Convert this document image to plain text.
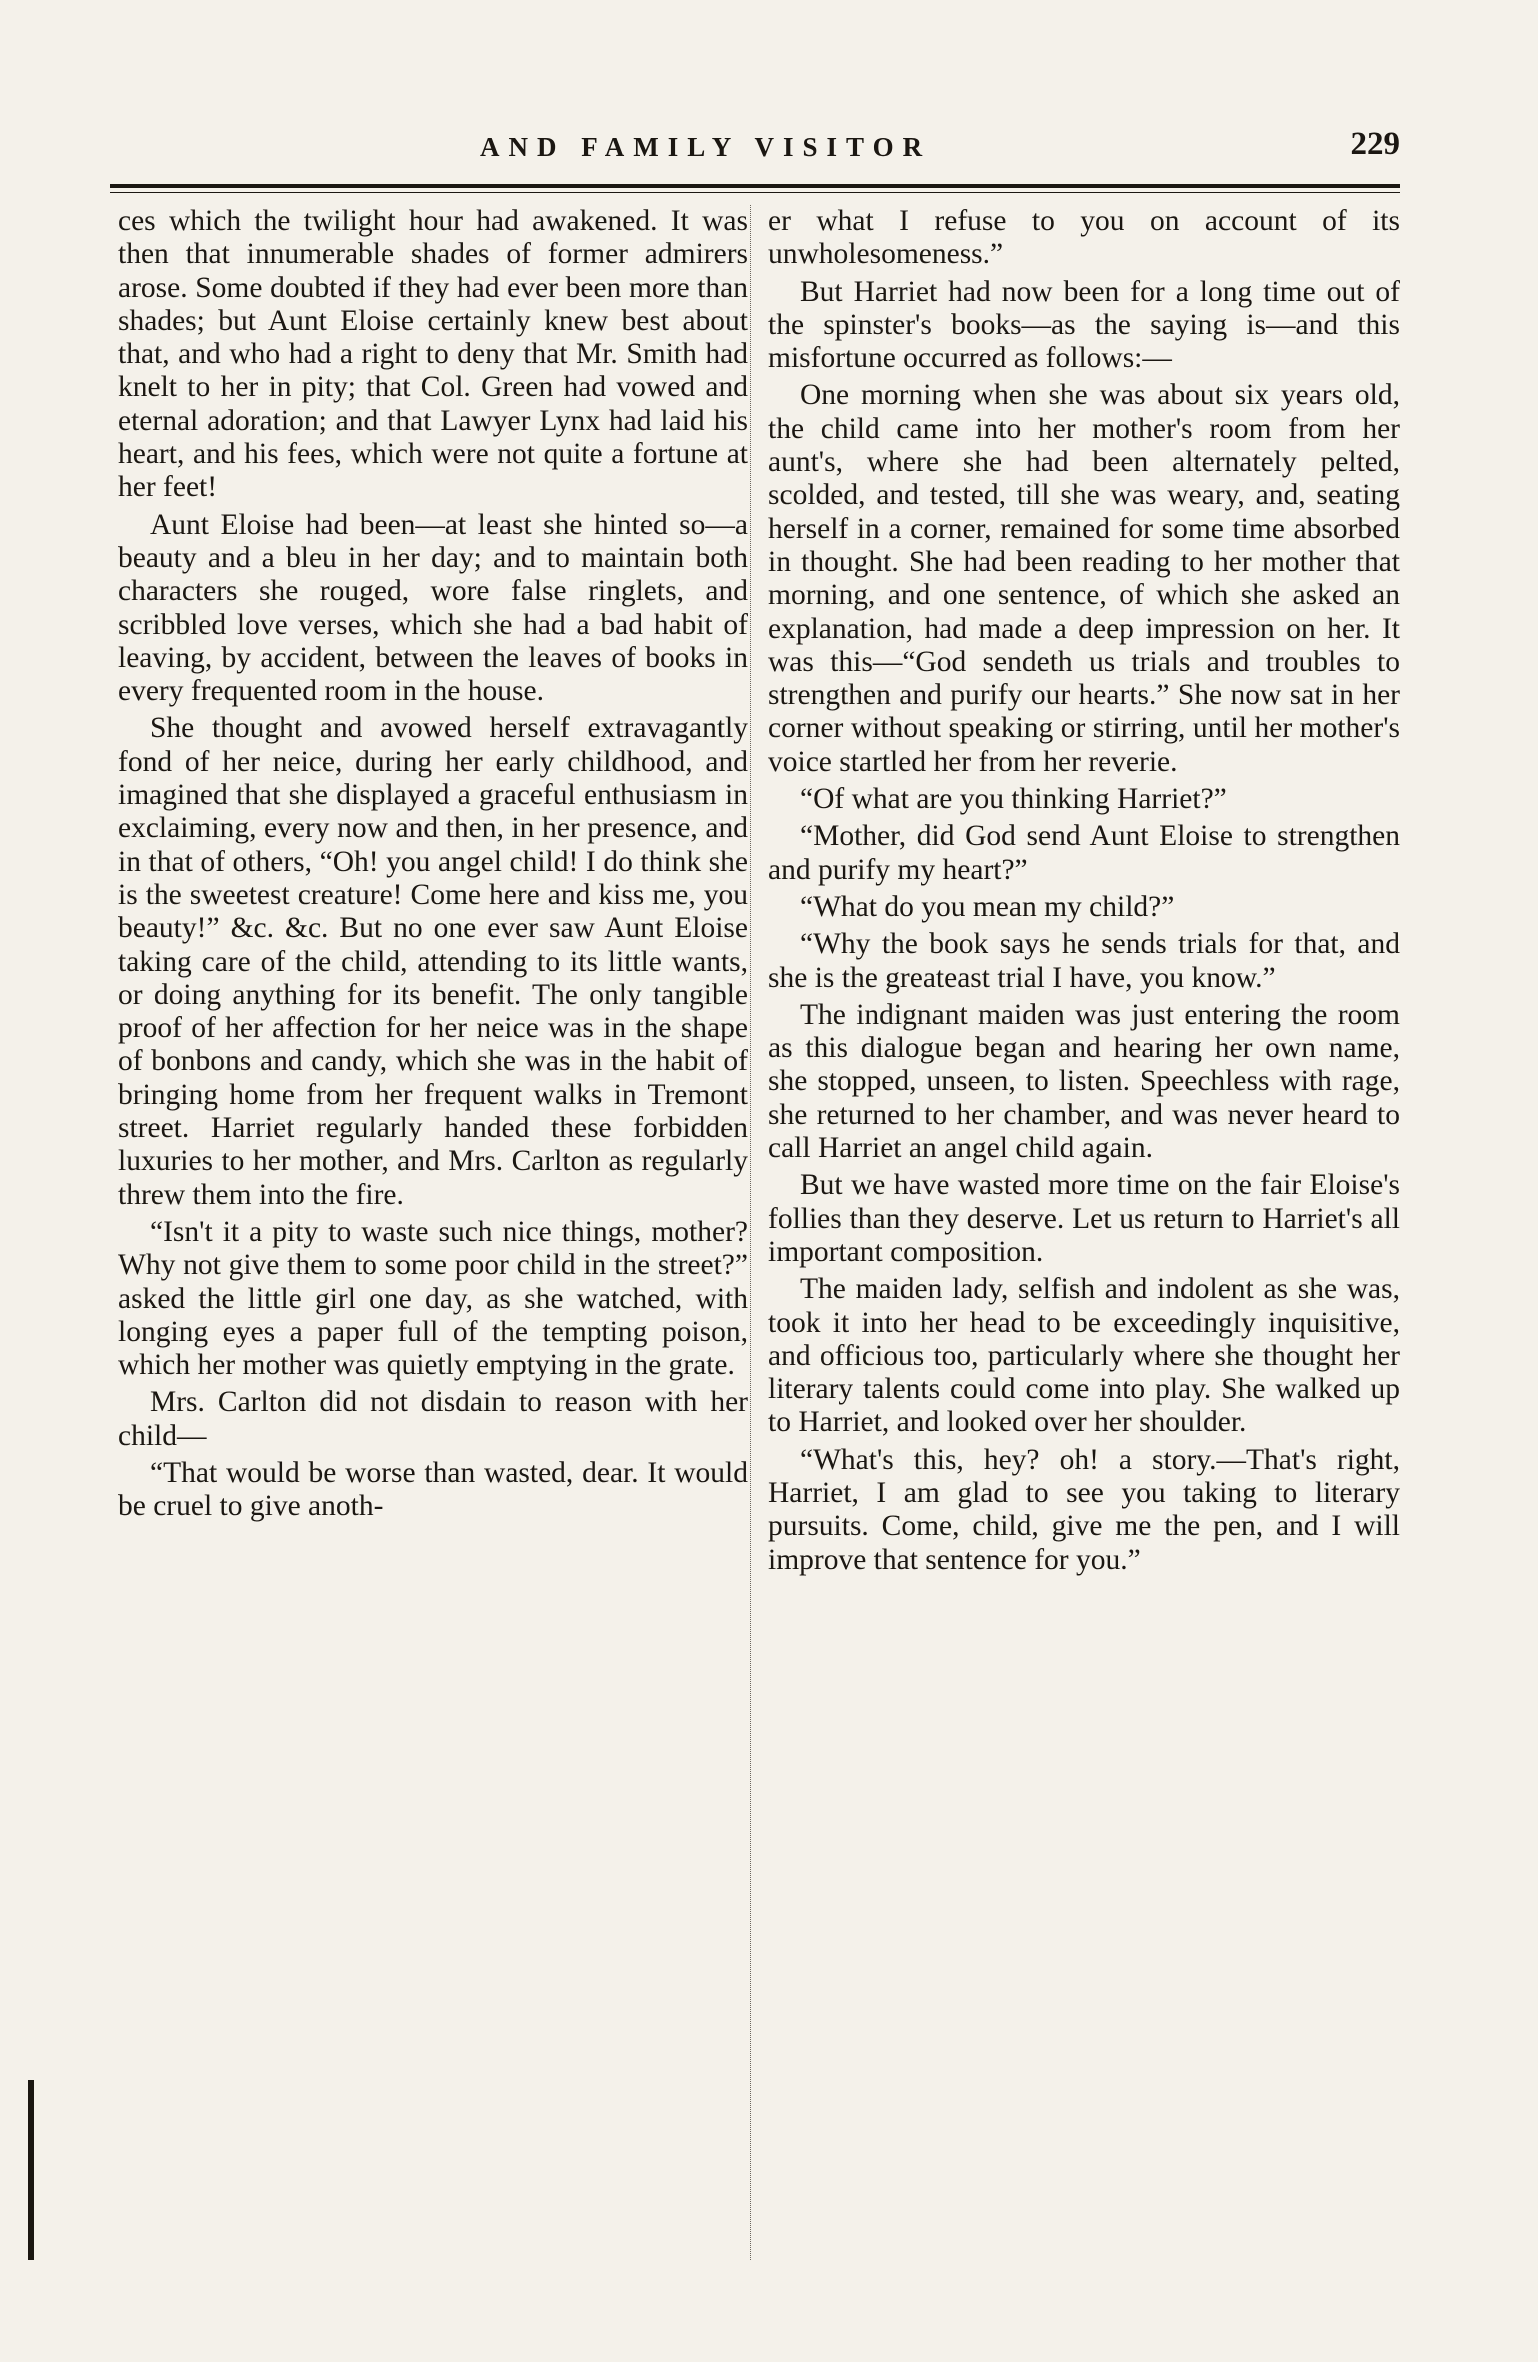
AND FAMILY VISITOR	229

ces which the twilight hour had awakened. It was then that innumerable shades of former admirers arose. Some doubted if they had ever been more than shades; but Aunt Eloise certainly knew best about that, and who had a right to deny that Mr. Smith had knelt to her in pity; that Col. Green had vowed and eternal adoration; and that Lawyer Lynx had laid his heart, and his fees, which were not quite a fortune at her feet!

Aunt Eloise had been—at least she hinted so—a beauty and a bleu in her day; and to maintain both characters she rouged, wore false ringlets, and scribbled love verses, which she had a bad habit of leaving, by accident, between the leaves of books in every frequented room in the house.

She thought and avowed herself extravagantly fond of her neice, during her early childhood, and imagined that she displayed a graceful enthusiasm in exclaiming, every now and then, in her presence, and in that of others, “Oh! you angel child! I do think she is the sweetest creature! Come here and kiss me, you beauty!” &c. &c. But no one ever saw Aunt Eloise taking care of the child, attending to its little wants, or doing anything for its benefit. The only tangible proof of her affection for her neice was in the shape of bonbons and candy, which she was in the habit of bringing home from her frequent walks in Tremont street. Harriet regularly handed these forbidden luxuries to her mother, and Mrs. Carlton as regularly threw them into the fire.

“Isn't it a pity to waste such nice things, mother? Why not give them to some poor child in the street?” asked the little girl one day, as she watched, with longing eyes a paper full of the tempting poison, which her mother was quietly emptying in the grate.

Mrs. Carlton did not disdain to reason with her child—

“That would be worse than wasted, dear. It would be cruel to give anoth-

er what I refuse to you on account of its unwholesomeness.”

But Harriet had now been for a long time out of the spinster's books—as the saying is—and this misfortune occurred as follows:—

One morning when she was about six years old, the child came into her mother's room from her aunt's, where she had been alternately pelted, scolded, and tested, till she was weary, and, seating herself in a corner, remained for some time absorbed in thought. She had been reading to her mother that morning, and one sentence, of which she asked an explanation, had made a deep impression on her. It was this—“God sendeth us trials and troubles to strengthen and purify our hearts.” She now sat in her corner without speaking or stirring, until her mother's voice startled her from her reverie.

“Of what are you thinking Harriet?”

“Mother, did God send Aunt Eloise to strengthen and purify my heart?”

“What do you mean my child?”

“Why the book says he sends trials for that, and she is the greateast trial I have, you know.”

The indignant maiden was just entering the room as this dialogue began and hearing her own name, she stopped, unseen, to listen. Speechless with rage, she returned to her chamber, and was never heard to call Harriet an angel child again.

But we have wasted more time on the fair Eloise's follies than they deserve. Let us return to Harriet's all important composition.

The maiden lady, selfish and indolent as she was, took it into her head to be exceedingly inquisitive, and officious too, particularly where she thought her literary talents could come into play. She walked up to Harriet, and looked over her shoulder.

“What's this, hey? oh! a story.—That's right, Harriet, I am glad to see you taking to literary pursuits. Come, child, give me the pen, and I will improve that sentence for you.”
